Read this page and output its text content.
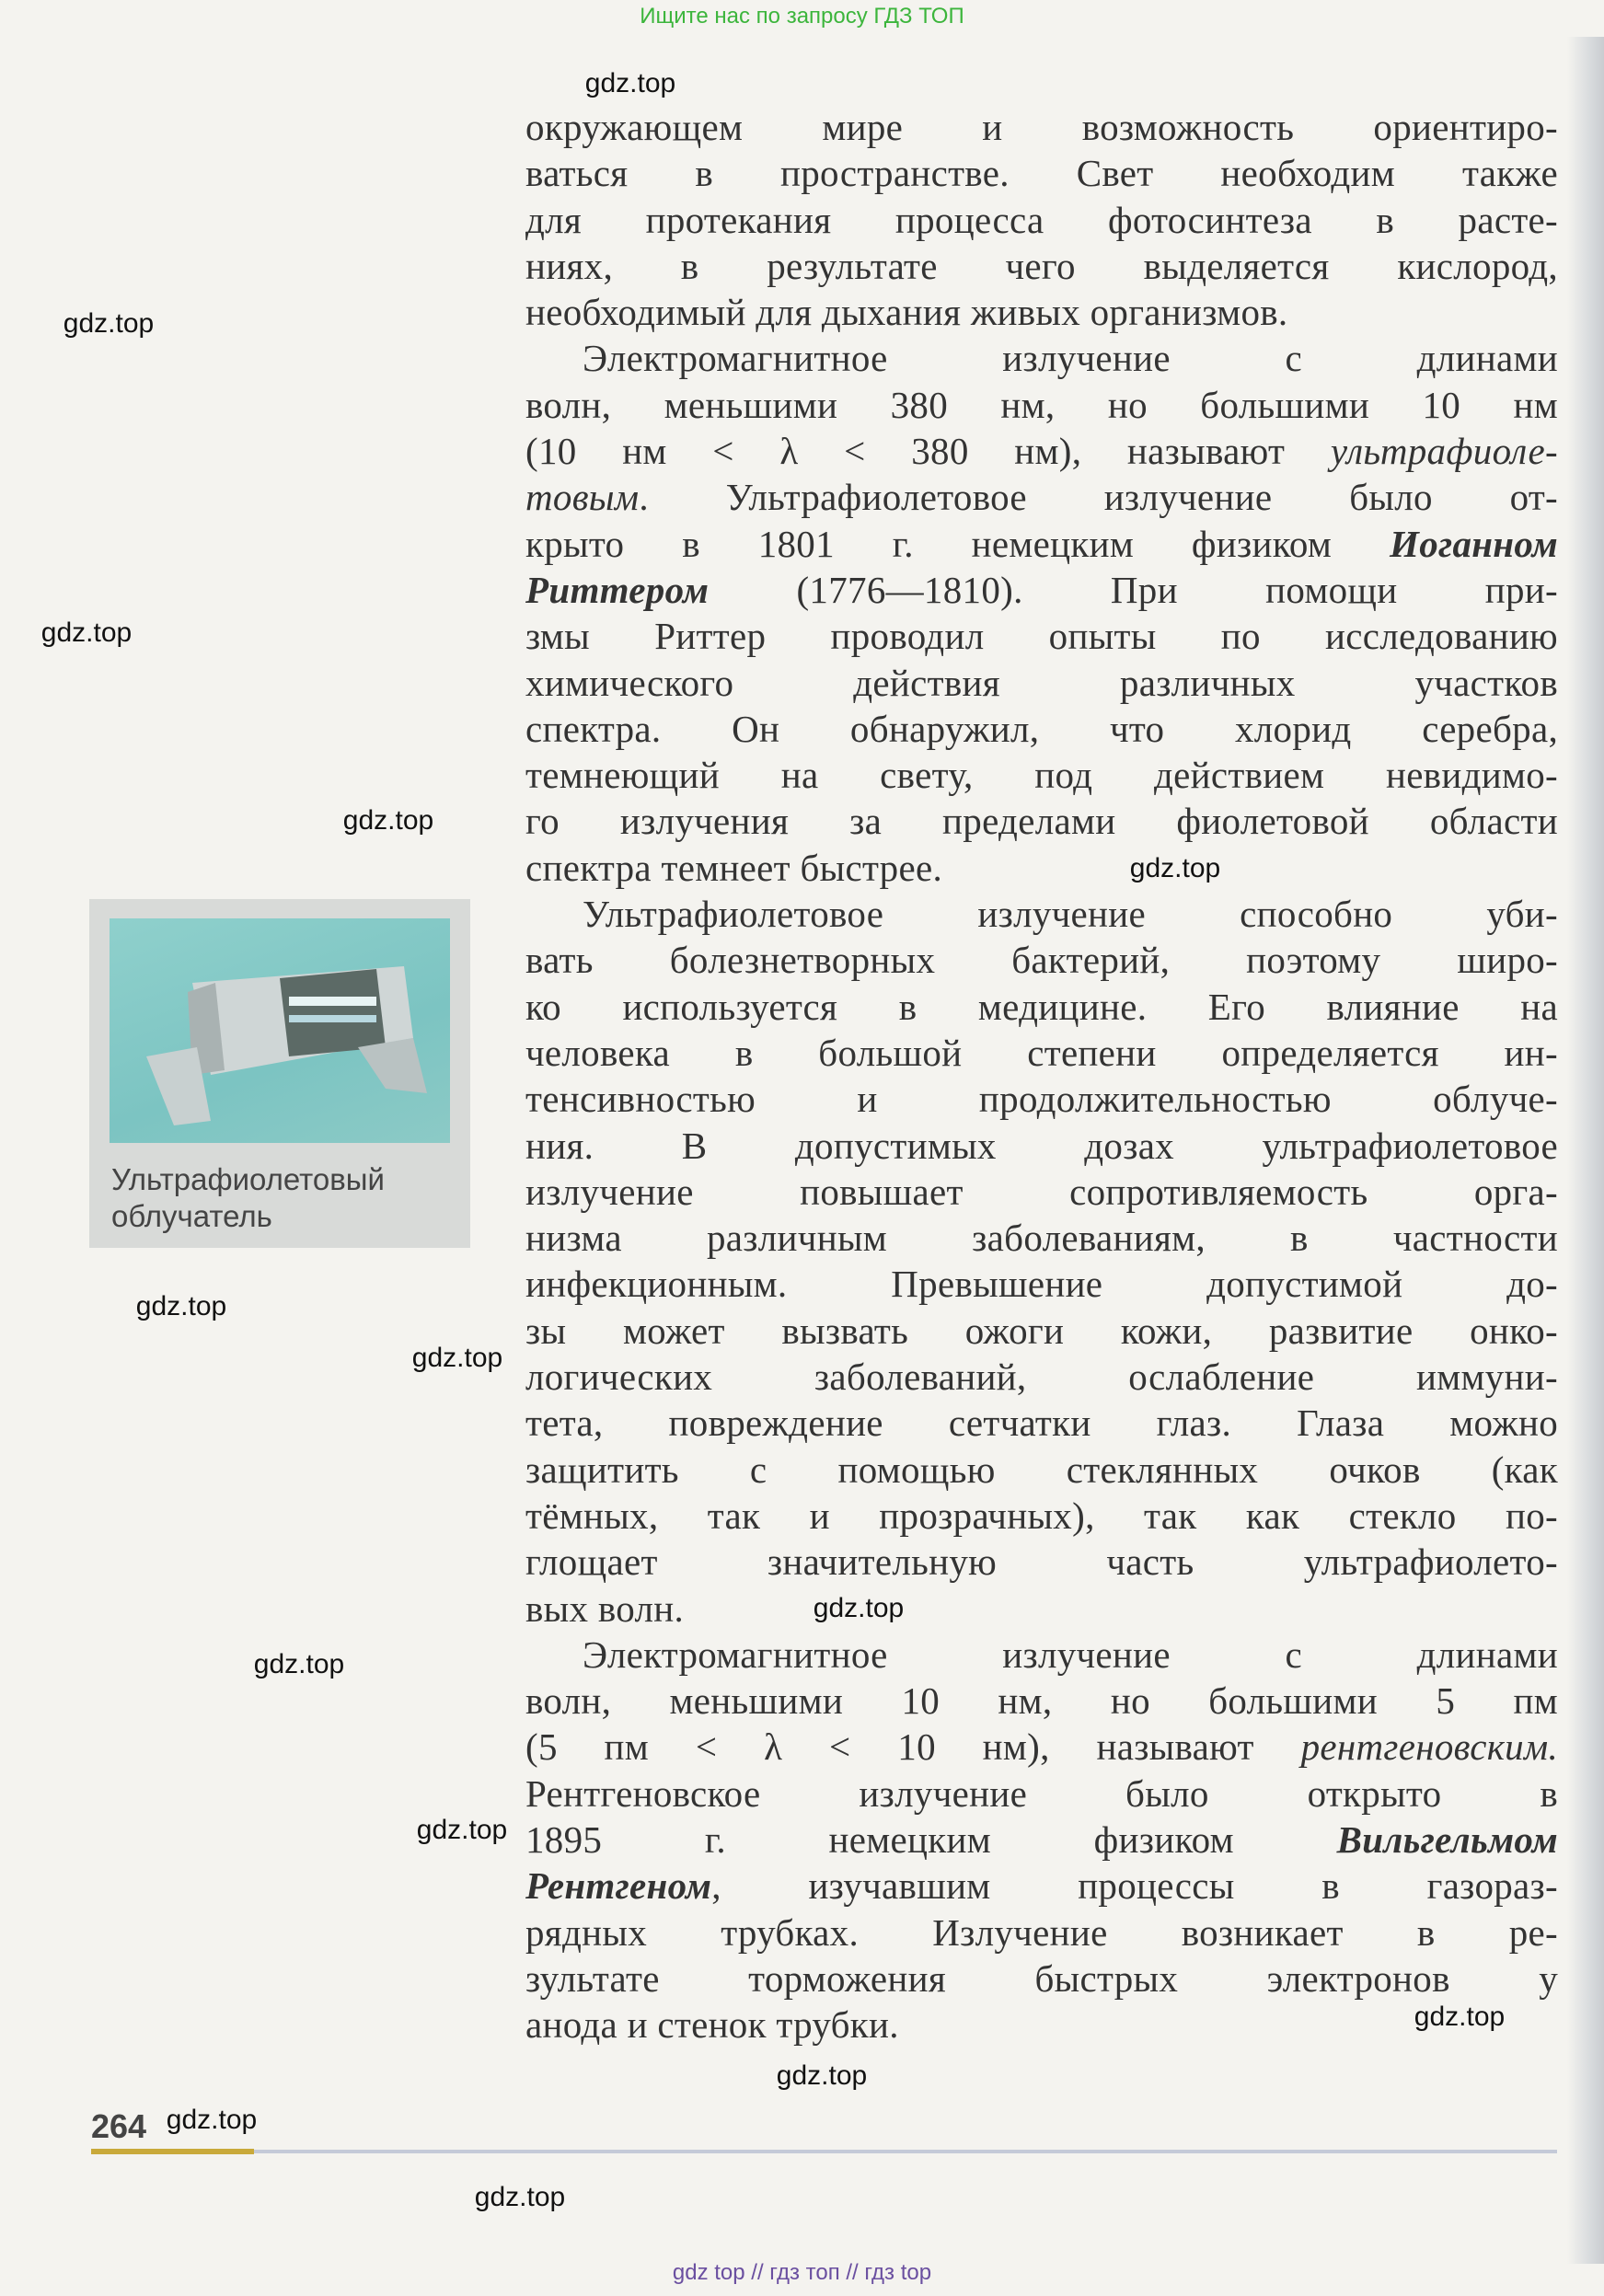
Ищите нас по запросу ГДЗ ТОП
окружающем мире и возможность ориентиро-
ваться в пространстве. Свет необходим также
для протекания процесса фотосинтеза в расте-
ниях, в результате чего выделяется кислород,
необходимый для дыхания живых организмов.
Электромагнитное излучение с длинами
волн, меньшими 380 нм, но большими 10 нм
(10 нм < λ < 380 нм), называют ультрафиоле-
товым. Ультрафиолетовое излучение было от-
крыто в 1801 г. немецким физиком Иоганном
Риттером (1776—1810). При помощи при-
змы Риттер проводил опыты по исследованию
химического действия различных участков
спектра. Он обнаружил, что хлорид серебра,
темнеющий на свету, под действием невидимо-
го излучения за пределами фиолетовой области
спектра темнеет быстрее.
Ультрафиолетовое излучение способно уби-
вать болезнетворных бактерий, поэтому широ-
ко используется в медицине. Его влияние на
человека в большой степени определяется ин-
тенсивностью и продолжительностью облуче-
ния. В допустимых дозах ультрафиолетовое
излучение повышает сопротивляемость орга-
низма различным заболеваниям, в частности
инфекционным. Превышение допустимой до-
зы может вызвать ожоги кожи, развитие онко-
логических заболеваний, ослабление иммуни-
тета, повреждение сетчатки глаз. Глаза можно
защитить с помощью стеклянных очков (как
тёмных, так и прозрачных), так как стекло по-
глощает значительную часть ультрафиолето-
вых волн.
Электромагнитное излучение с длинами
волн, меньшими 10 нм, но большими 5 пм
(5 пм < λ < 10 нм), называют рентгеновским.
Рентгеновское излучение было открыто в
1895 г. немецким физиком Вильгельмом
Рентгеном, изучавшим процессы в газораз-
рядных трубках. Излучение возникает в ре-
зультате торможения быстрых электронов у
анода и стенок трубки.
Ультрафиолетовый
облучатель
264
gdz.top
gdz.top
gdz.top
gdz.top
gdz.top
gdz.top
gdz.top
gdz.top
gdz.top
gdz.top
gdz.top
gdz.top
gdz.top
gdz.top
gdz top // гдз топ // гдз top
